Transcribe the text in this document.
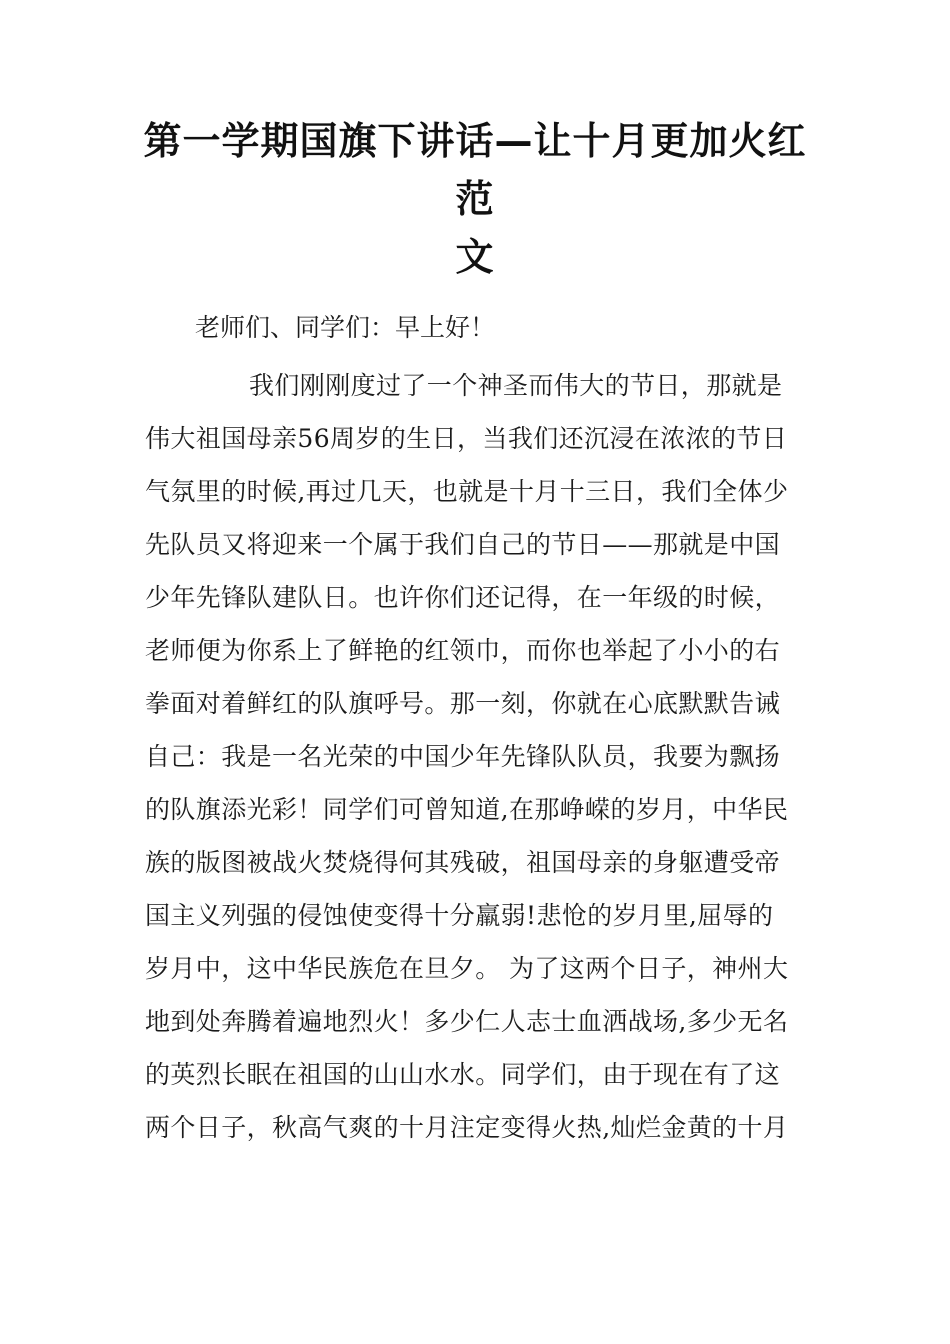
第一学期国旗下讲话—让十月更加火红范
文

老师们、同学们：早上好！

我们刚刚度过了一个神圣而伟大的节日，那就是
伟大祖国母亲56周岁的生日，当我们还沉浸在浓浓的节日
气氛里的时候,再过几天，也就是十月十三日，我们全体少
先队员又将迎来一个属于我们自己的节日——那就是中国
少年先锋队建队日。也许你们还记得，在一年级的时候，
老师便为你系上了鲜艳的红领巾，而你也举起了小小的右
拳面对着鲜红的队旗呼号。那一刻，你就在心底默默告诫
自己：我是一名光荣的中国少年先锋队队员，我要为飘扬
的队旗添光彩！同学们可曾知道,在那峥嵘的岁月，中华民
族的版图被战火焚烧得何其残破，祖国母亲的身躯遭受帝
国主义列强的侵蚀使变得十分羸弱!悲怆的岁月里,屈辱的
岁月中，这中华民族危在旦夕。 为了这两个日子，神州大
地到处奔腾着遍地烈火！多少仁人志士血洒战场,多少无名
的英烈长眠在祖国的山山水水。同学们，由于现在有了这
两个日子，秋高气爽的十月注定变得火热,灿烂金黄的十月
